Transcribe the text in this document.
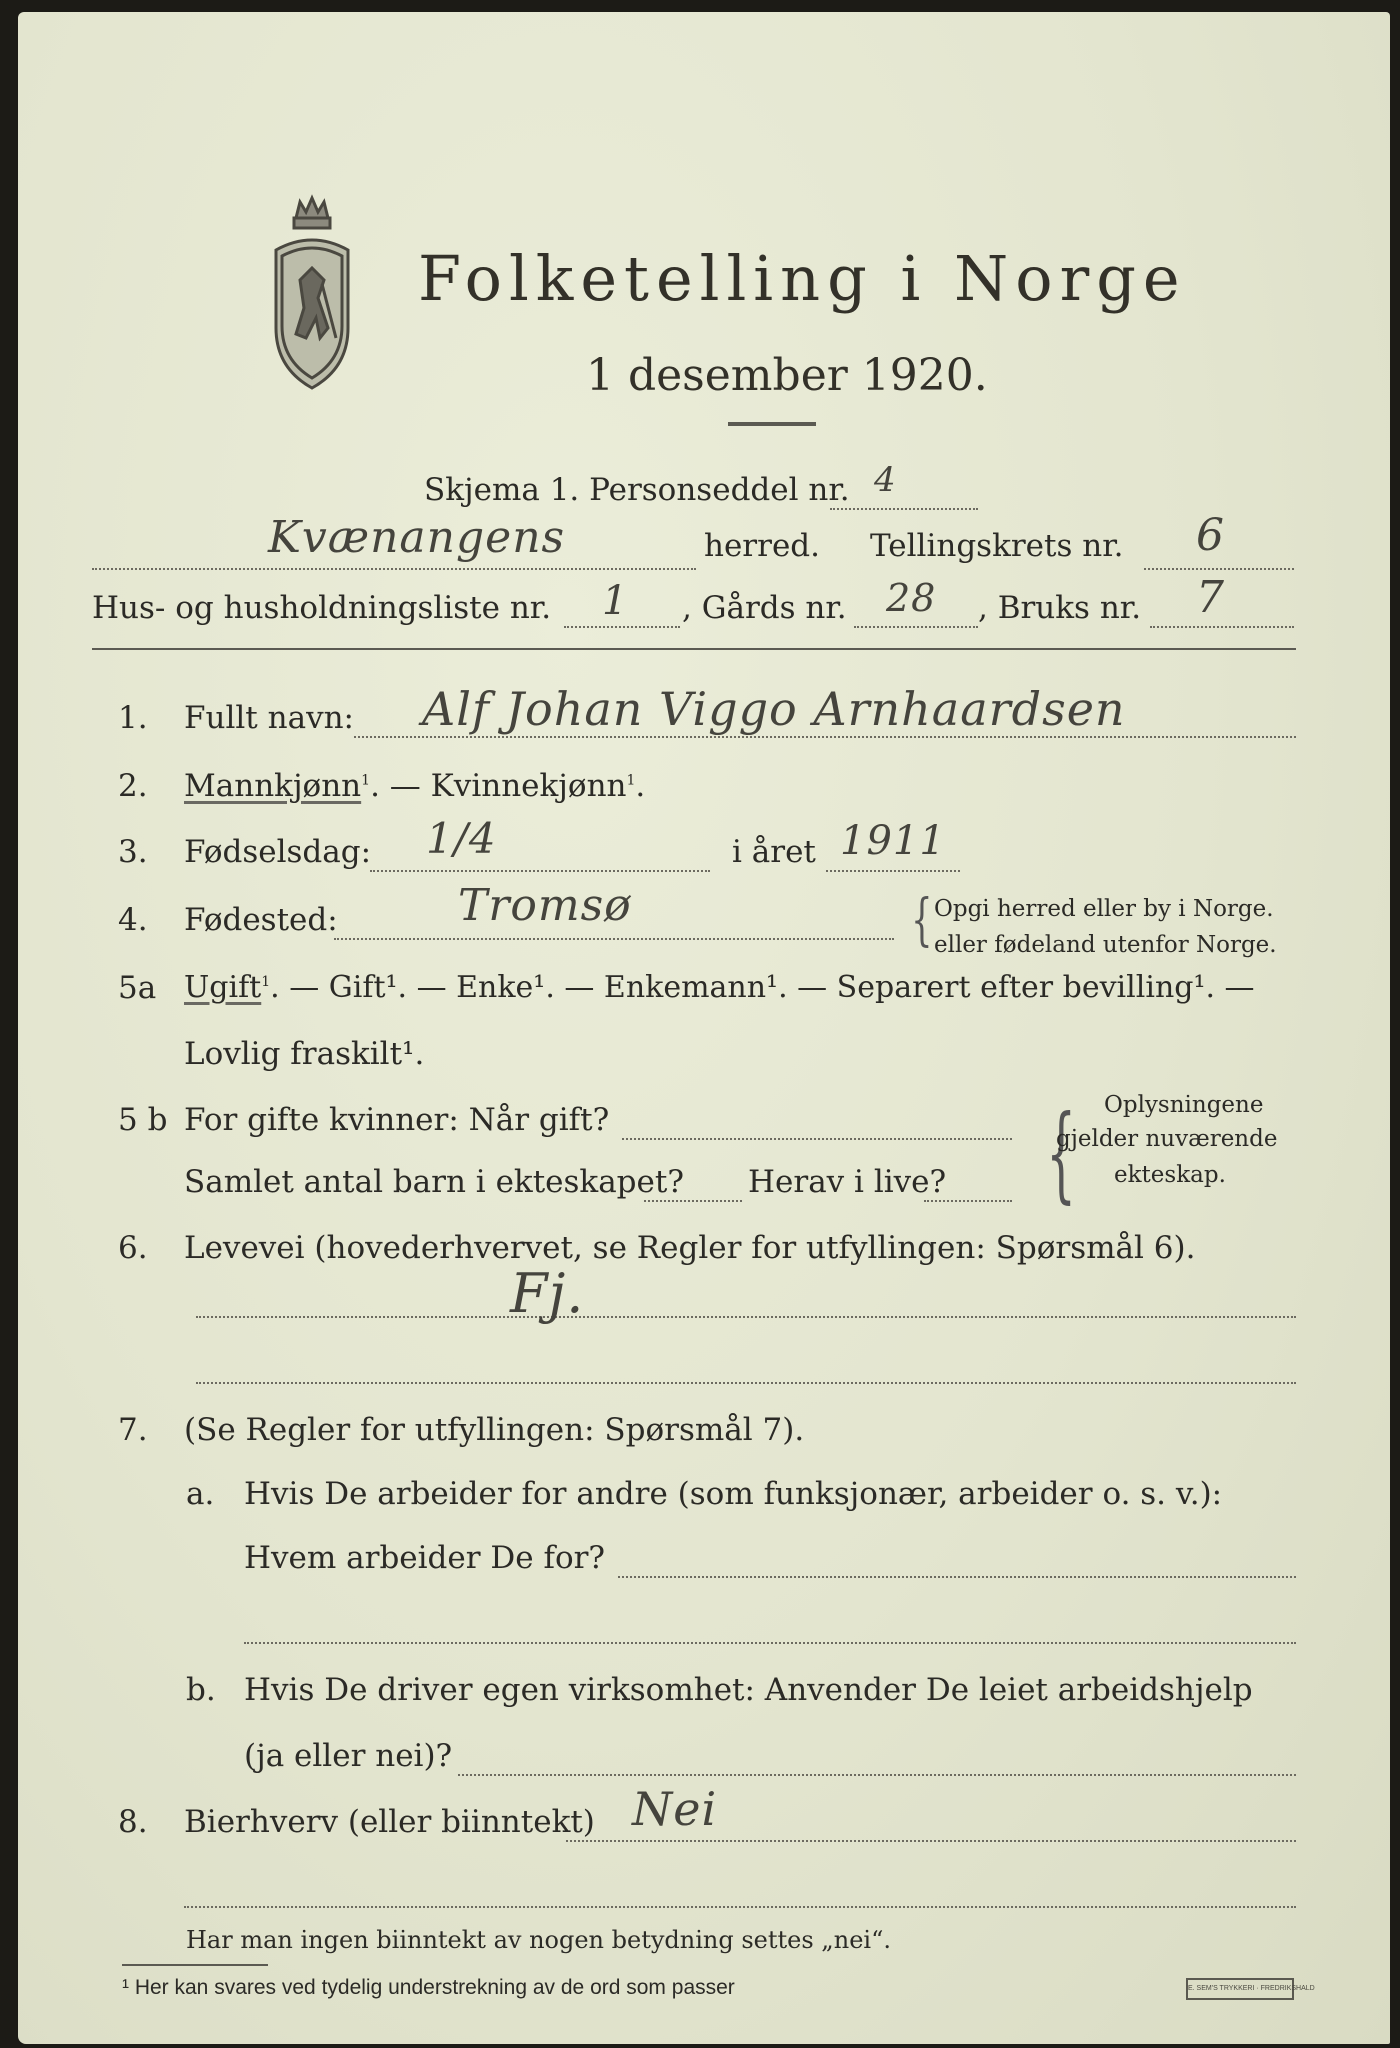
Folketelling i Norge
1 desember 1920.
Skjema 1. Personseddel nr. 4
Kvænangens	herred. Tellingskrets nr. 6
Hus- og husholdningsliste nr. 1 , Gårds nr. 28 , Bruks nr. 7
1. Fullt navn: Alf Johan Viggo Arnhaardsen
2. Mannkjønn$^1$. — Kvinnekjønn$^1$.
3. Fødselsdag: 1/4	i året 1911
4. Fødested:	Tromsø	{ Opgi herred eller by i Norge.
eller fødeland utenfor Norge.
5a Ugift$^1$. — Gift¹. — Enke¹. — Enkemann¹. — Separert efter bevilling¹. —
Lovlig fraskilt¹.
5 b For gifte kvinner: Når gift?
Samlet antal barn i ekteskapet? Herav i live? { Oplysningene
gjelder nuværende
ekteskap.
6. Levevei (hovederhvervet, se Regler for utfyllingen: Spørsmål 6).
Fj.
7. (Se Regler for utfyllingen: Spørsmål 7).
a. Hvis De arbeider for andre (som funksjonær, arbeider o. s. v.):
Hvem arbeider De for?
b. Hvis De driver egen virksomhet: Anvender De leiet arbeidshjelp
(ja eller nei)?
8. Bierhverv (eller biinntekt) Nei
Har man ingen biinntekt av nogen betydning settes „nei“.
¹ Her kan svares ved tydelig understrekning av de ord som passer	E. SEM'S TRYKKERI · FREDRIKSHALD
